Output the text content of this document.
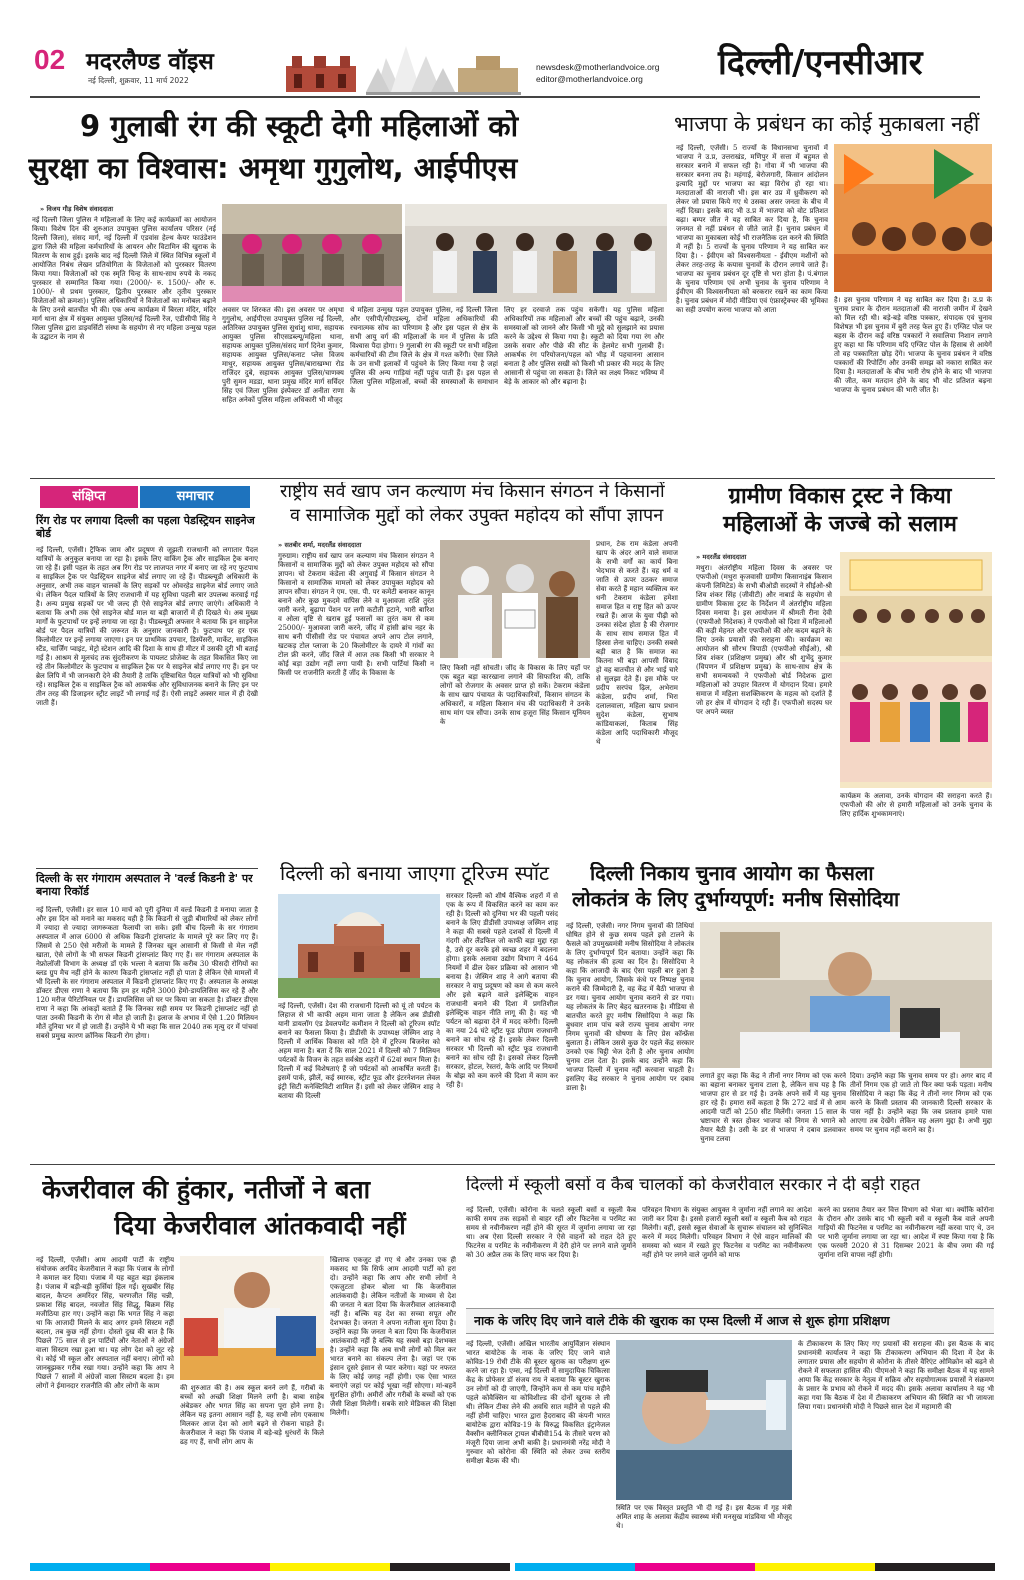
02 मदरलैण्ड वॉइस
नई दिल्ली, शुक्रवार, 11 मार्च 2022
newsdesk@motherlandvoice.org
editor@motherlandvoice.org दिल्ली/एनसीआर
9 गुलाबी रंग की स्कूटी देगी महिलाओं को
सुरक्षा का विश्वास: अमृथा गुगुलोथ, आईपीएस
» विजय गौड़ विशेष संवाददाता
नई दिल्ली जिला पुलिस ने महिलाओं के लिए कई कार्यक्रमों का आयोजन किया। विशेष दिन की शुरुआत उपायुक्त पुलिस कार्यालय परिसर (नई दिल्ली जिला), संसद मार्ग, नई दिल्ली में एडवांस हेल्थ केयर फाउंडेशन द्वारा जिले की महिला कर्मचारियों के आयरन और विटामिन की खुराक के वितरण के साथ हुई। इसके बाद नई दिल्ली जिले में स्थित विभिन्न स्कूलों में आयोजित निबंध लेखन प्रतियोगिता के विजेताओं को पुरस्कार वितरण किया गया। विजेताओं को एक स्मृति चिन्ह के साथ-साथ रुपये के नकद पुरस्कार से सम्मानित किया गया। (2000/- रु. 1500/- और रु. 1000/- से प्रथम पुरस्कार, द्वितीय पुरस्कार और तृतीय पुरस्कार विजेताओं को क्रमशः)। पुलिस अधिकारियों ने विजेताओं का मनोबल बढ़ाने के लिए उनसे बातचीत भी की। एक अन्य कार्यक्रम में बिरला मंदिर, मंदिर मार्ग थाना क्षेत्र में संयुक्त आयुक्त पुलिस/नई दिल्ली रेंज, एडीसीपी सिंह ने जिला पुलिस द्वारा डाइवर्सिटी संस्था के सहयोग से नए महिला उन्मुख पहल के उद्घाटन के नाम से
अवसर पर शिरकत की। इस अवसर पर अमृथा गुगुलोथ, आईपीएस उपायुक्त पुलिस नई दिल्ली, अतिरिक्त उपायुक्त पुलिस सुधांशु धामा, सहायक आयुक्त पुलिस सीएसडब्ल्यू/महिला थाना, सहायक आयुक्त पुलिस/संसद मार्ग दिनेश कुमार, सहायक आयुक्त पुलिस/कनाट प्लेस विजय माथुर, सहायक आयुक्त पुलिस/बाराखम्भा रोड राजिंदर दुबे, सहायक आयुक्त पुलिस/चाणक्य पुरी सुमन मडडा, थाना प्रमुख मंदिर मार्ग सर्विदर सिंह एवं जिला पुलिस इंस्पेक्टर डॉ अनीता राणा सहित अनेकों पुलिस महिला अधिकारी भी मौजूद
थे महिला उन्मुख पहल उपायुक्त पुलिस, नई दिल्ली जिला और एसीपी/सीएडब्ल्यू, दोनों महिला अधिकारियों की रचनात्मक सोच का परिणाम है और इस पहल से क्षेत्र के सभी आयु वर्ग की महिलाओं के मन में पुलिस के प्रति विश्वास पैदा होगा। 9 गुलाबी रंग की स्कूटी पर सभी महिला कर्मचारियों की टीम जिले के क्षेत्र में गश्त करेंगी। ऐसा जिले के उन सभी इलाकों में पहुंचने के लिए किया गया है जहां पुलिस की अन्य गाड़ियां नहीं पहुंच पाती हैं। इस पहल से जिला पुलिस महिलाओं, बच्चों की समस्याओं के समाधान के
लिए हर दरवाजे तक पहुंच सकेगी। यह पुलिस महिला अधिकारियों तक महिलाओं और बच्चों की पहुंच बढ़ाने, उनकी समस्याओं को जानने और किसी भी मुद्दे को सुलझाने का प्रयास करने के उद्देश्य से किया गया है। स्कूटी को दिया गया रंग और उसके सवार और पीछे की सीट के हेलमेट सभी गुलाबी हैं। आकर्षक रंग परियोजना/पहल को भीड़ में पहचानना आसान बनाता है और पुलिस सखी को किसी भी प्रकार की मदद के लिए आसानी से पहुंचा जा सकता है। जिले का लक्ष्य निकट भविष्य में बेड़े के आकार को और बढ़ाना है।
भाजपा के प्रबंधन का कोई मुकाबला नहीं
नई दिल्ली, एजेंसी। 5 राज्यों के विधानसभा चुनावों में भाजपा ने उ.प्र, उत्तराखंड, मणिपुर में सत्ता में बहुमत से सरकार बनाने में सफल रही है। गोवा में भी भाजपा की सरकार बनना तय है। महंगाई, बेरोजगारी, किसान आंदोलन इत्यादि मुद्दों पर भाजपा का बड़ा विरोध हो रहा था। मतदाताओं की नाराजी भी। इस बार उप्र में ध्रुवीकरण को लेकर जो प्रयास किये गए थे उसका असर जनता के बीच में नहीं दिखा। इसके बाद भी उ.प्र में भाजपा को वोट प्रतिशत बढ़ा। बम्पर जीत ने यह साबित कर दिया है, कि चुनाव जनमत से नहीं प्रबंधन से जीते जाते हैं। चुनाव प्रबंधन में भाजपा का मुकाबला कोई भी राजनैतिक दल करने की स्थिति में नहीं है। 5 राज्यों के चुनाव परिणाम ने यह साबित कर दिया है। - ईवीएम को विश्वसनीयता - ईवीएम मशीनों को लेकर तरह-तरह के कयास चुनावों के दौरान लगाये जाते हैं। भाजपा का चुनाव प्रबंधन दूर दृष्टि से भरा होता है। पं.बंगाल के चुनाव परिणाम एवं अभी चुनाव के चुनाव परिणाम ने ईवीएम की विश्वसनीयता को बरकरार रखने का काम किया है। चुनाव प्रबंधन में मोदी मीडिया एवं एंफ्रास्ट्रेक्चर की भूमिका का सही उपयोग करना भाजपा को आता
है। इस चुनाव परिणाम ने यह साबित कर दिया है। उ.प्र के चुनाव प्रचार के दौरान मतदाताओं की नाराजी जमीन में देखने को मिल रही थी। बड़े-बड़े वरिष्ठ पत्रकार, संपादक एवं चुनाव विशेषज्ञ भी इस चुनाव में बुरी तरह फेल हुए हैं। एग्जिट पोल पर बहस के दौरान कई वरिष्ठ पत्रकारों ने सवालिया निशान लगाने हुए कहा था कि परिणाम यदि एग्जिट पोल के हिसाब से आयेगें तो वह पत्रकारिता छोड़ देंगे। भाजपा के चुनाव प्रबंधन ने वरिष्ठ पत्रकारों की रिपोर्टिंग और उनकी समझ को नकारा साबित कर दिया है। मतदाताओं के बीच भारी रोष होने के बाद भी भाजपा की जीत, कम मतदान होने के बाद भी वोट प्रतिशत बढ़ना भाजपा के चुनाव प्रबंधन की भारी जीत है।
संक्षिप्त	समाचार
रिंग रोड पर लगाया दिल्ली का पहला पेडस्ट्रियन साइनेज बोर्ड
नई दिल्ली, एजेंसी। ट्रैफिक जाम और प्रदूषण से जूझती राजधानी को लगातार पैदल यात्रियों के अनुकूल बनाया जा रहा है। इसके लिए वाकिंग ट्रैक और साइकिल ट्रैक बनाए जा रहे हैं। इसी पहल के तहत अब रिंग रोड पर लाजपत नगर में बनाए जा रहे नए फुटपाथ व साइकिल ट्रैक पर पेडस्ट्रियन साइनेज बोर्ड लगाए जा रहे हैं। पीडब्ल्यूडी अधिकारी के अनुसार, अभी तक वाहन चालकों के लिए सड़कों पर ओवरहेड साइनेज बोर्ड लगाए जाते थे। लेकिन पैदल यात्रियों के लिए राजधानी में यह सुविधा पहली बार उपलब्ध करवाई गई है। अन्य प्रमुख सड़कों पर भी जल्द ही ऐसे साइनेज बोर्ड लगाए जाएंगे। अधिकारी ने बताया कि अभी तक ऐसे साइनेज बोर्ड माल या बड़ी बाजारों में ही दिखते थे। अब मुख्य मार्गों के फुटपाथों पर इन्हें लगाया जा रहा है। पीडब्ल्यूडी अफसर ने बताया कि इन साइनेज बोर्ड पर पैदल यात्रियों की जरूरत के अनुसार जानकारी है। फुटपाथ पर हर एक किलोमीटर पर इन्हें लगाया जाएगा। इन पर प्राथमिक उपचार, डिस्पेंसरी, मार्केट, साइकिल स्टैंड, चार्जिंग प्वाइंट, मेट्रो स्टेशन आदि की दिशा के साथ ही मीटर में उसकी दूरी भी बताई गई है। आश्रम से मूलचंद तक सुंदरीकरण के पायलट प्रोजेक्ट के तहत विकसित किए जा रहे तीन किलोमीटर के फुटपाथ व साइकिल ट्रैक पर ये साइनेज बोर्ड लगाए गए हैं। इन पर ब्रेल लिपि में भी जानकारी देने की तैयारी है ताकि दृष्टिबाधित पैदल यात्रियों को भी सुविधा रहे। साइकिल ट्रैक व साइकिल ट्रैक को आकर्षक और सुविधाजनक बनाने के लिए इन पर तीन तरह की डिजाइनर स्ट्रीट लाइटें भी लगाई गई हैं। ऐसी लाइटें अक्सर माल में ही देखी जाती हैं।
दिल्ली के सर गंगाराम अस्पताल ने 'वर्ल्ड किडनी डे' पर बनाया रिकॉर्ड
नई दिल्ली, एजेंसी। हर साल 10 मार्च को पूरी दुनिया में वर्ल्ड किडनी डे मनाया जाता है और इस दिन को मनाने का मकसद यही है कि किडनी से जुड़ी बीमारियों को लेकर लोगों में ज्यादा से ज्यादा जागरूकता फैलायी जा सके। इसी बीच दिल्ली के सर गंगाराम अस्पताल में आज 6000 से अधिक किडनी ट्रांसप्लांट के मामले पूरे कर लिए गए हैं। जिसमें से 250 ऐसे मरीजों के मामले हैं जिनका खून आसानी से किसी से मेल नहीं खाता, ऐसे लोगों के भी सफल किडनी ट्रांसप्लांट किए गए हैं। सर गंगाराम अस्पताल के नेफ्रोलॉजी विभाग के अध्यक्ष डॉ एके भल्ला ने बताया कि करीब 30 फीसदी रोगियों का ब्लड ग्रुप मैच नहीं होने के कारण किडनी ट्रांसप्लांट नहीं हो पाता है लेकिन ऐसे मामलों में भी दिल्ली के सर गंगाराम अस्पताल में किडनी ट्रांसप्लांट किए गए हैं। अस्पताल के अध्यक्ष डॉक्टर डीएस राणा ने बताया कि हम हर महीने 3000 हेमो-डायलिसिस कर रहे हैं और 120 मरीज पेरिटोनियल पर हैं। डायलिसिस जो घर पर किया जा सकता है। डॉक्टर डीएस राणा ने कहा कि आंकड़ों बताते हैं कि जिनका सही समय पर किडनी ट्रांसप्लांट नहीं हो पाता उनकी किडनी के रोग से मौत हो जाती है। इलाज के अभाव में ऐसे 1.20 मिलियन मौतें दुनिया भर में हो जाती हैं। उन्होंने ये भी कहा कि साल 2040 तक मृत्यु दर में पांचवां सबसे प्रमुख कारण क्रॉनिक किडनी रोग होगा।
राष्ट्रीय सर्व खाप जन कल्याण मंच किसान संगठन ने किसानों
व सामाजिक मुद्दों को लेकर उपुक्त महोदय को सौंपा ज्ञापन
» सतबीर शर्मा, मदरलैंड संवाददाता
गुरुग्राम। राष्ट्रीय सर्व खाप जन कल्याण मंच किसान संगठन ने किसानों व सामाजिक मुद्दों को लेकर उपुक्त महोदय को सौंपा ज्ञापन। चो टेकराम कंडेला की अगुवाई में किसान संगठन ने किसानो व सामाजिक मामलो को लेकर उपायुक्त महोदय को ज्ञापन सौंपा। संगठन ने एम. एस. पी. पर कमेटी बनाकर कानून बनाने और कुछ मुकदमे वापिस लेने व मुआवजा राशि तुरंत जारी करने, बुढ़ापा पेंशन पर लगी कटौती हटाने, भारी बारिश व ओला वृष्टि से खराब हुई फसलों का तुरंत कम से कम 25000/- मुआवजा जारी करने, जींद में हांसी ब्रांच नहर के साथ बनी पीसीसी रोड पर पंचायत अपने आप टोल लगाने, खटकड़ टोल प्लाजा के 20 किलोमीटर के दायरे में गांवों का टोल फ्री करने, जींद जिले में आज तक किसी भी सरकार ने कोई बड़ा उद्योग नहीं लगा पायी है। सभी पार्टियां किसी न किसी पर राजनीति करती हैं जींद के विकास के
लिए किसी नहीं सोचती। जींद के विकास के लिए यहाँ पर एक बहुत बड़ा कारखाना लगाने की सिफारिश की, ताकि लोगों को रोजगार के अवसर प्राप्त हो सकें। टेकराम कंडेला के साथ खाप पंचायत के पदाधिकारियों, किसान संगठन के अधिकारों, व महिला किसान मंच की पदाधिकारी ने उनके साथ मांग पत्र सौंपा। उनके साथ हजूरा सिंह किसान यूनियन के
प्रधान, टेक राम कंडेला अपनी खाप के अंदर आने वाले समाज के सभी वर्गों का कार्य बिना भेदभाव से करते हैं। वह धर्म व जाति से ऊपर उठकर समाज सेवा करते हैं महान व्यक्तित्व कर धनी टेकराम कंडेला हमेशा समाज हित व राष्ट्र हित को ऊपर रखते हैं। आज के युवा पीढ़ी को उनका संदेश होता है की रोजगार के साथ साथ समाज हित में हिस्सा लेना चाहिए। उनकी सबसे बड़ी बात है कि समाज का कितना भी बड़ा आपसी विवाद हो वह बातचीत से और भाई चारे से सुलझा देते हैं। इस मौके पर प्रदीप सरपंच ढ़िल, अभेराम कंडेला, प्रदीप शर्मा, भिरा दलालवाला, महिला खाप प्रधान सुदेश कंडेला, सुभाष कांडियाकलां, किताब सिंह कंडेला आदि पदाधिकारी मौजूद थे
ग्रामीण विकास ट्रस्ट ने किया
महिलाओं के जज्बे को सलाम
» मदरलैंड संवाददाता
मथुरा। अंतर्राष्ट्रीय महिला दिवस के अवसर पर एफपीओ (मथुरा कृजवासी ग्रामीण किसानाइंब किसान कंपनी लिमिटेड) के सभी बीओडी सदस्यों ने सीईओ-श्री शिव शंकर सिंह (जीवीटी) और नाबार्ड के सहयोग से ग्रामीण विकास ट्रस्ट के निर्देशन में अंतर्राष्ट्रीय महिला दिवस मनाया है। इस आयोजन में श्रीमती रीना देवी (एफपीओ निदेशक) ने एफपीओ को दिशा में महिलाओं की कड़ी मेहनत और एफपीओ की ओर कदम बढ़ाने के लिए उनके प्रयासों की सराहना की। कार्यक्रम का आयोजन श्री सौरभ त्रिपाठी (एफपीओ सीईओ), श्री शिव शंकर (प्रशिक्षण प्रमुख) और श्री शुभेंदु कुमार (विपणन में प्रशिक्षण प्रमुख) के साथ-साथ क्षेत्र के सभी समन्वयकों ने एफपीओ बोर्ड निदेशक द्वारा महिलाओं को उपहार वितरण में योगदान दिया। हमारे समाज में महिला सशक्तिकरण के महत्व को दर्शाते हैं जो हर क्षेत्र में योगदान दे रही हैं। एफपीओ सदस्य घर पर अपने व्यस्त
कार्यक्रम के अलावा, उनके योगदान की सराहना करते हैं। एफपीओ की ओर से हमारी महिलाओं को उनके चुनाव के लिए हार्दिक शुभकामनाएं।
दिल्ली को बनाया जाएगा टूरिज्म स्पॉट
नई दिल्ली, एजेंसी। देश की राजधानी दिल्ली को यूं तो पर्यटन के लिहाज से भी काफी अहम माना जाता है लेकिन अब डीडीसी यानी डायलॉग एंड डेवलपमेंट कमीशन ने दिल्ली को टूरिज्म स्पॉट बनाने का फैसला किया है। डीडीसी के उपाध्यक्ष जेस्मिन शाह ने दिल्ली में आर्थिक विकास को गति देने में टूरिज्म बिजनेस को अहम माना है। बता दें कि साल 2021 में दिल्ली को 7 मिलियन पर्यटकों के विजन के तहत सर्वश्रेष्ठ शहरों में 62वां स्थान मिला है। दिल्ली में कई विशेषताएं हैं जो पर्यटकों को आकर्षित करती हैं। इसमें पार्क, झीलें, कई स्मारक, स्ट्रीट फूड और इंटरनेशनल लेवल इंट्री सिटी कनेक्टिविटी शामिल हैं। इसी को लेकर जेस्मिन शाह ने बताया की दिल्ली
सरकार दिल्ली को शीर्ष वैश्विक शहरों में से एक के रूप में विकसित करने का काम कर रही है। दिल्ली को दुनिया भर की पहली पसंद बनाने के लिए डीडीसी उपाध्यक्ष जस्मिन शाह ने कहा की सबसे पहले दशकों से दिल्ली में गंदगी और लैंडफिल जो काफी बड़ा मुद्दा रहा है, उसे दूर करके इसे स्वच्छ शहर में बदलना होगा। इसके अलावा उद्योग विभाग ने 464 नियमों में ढील देकर प्रक्रिया को आसान भी बनाया है। जेस्मिन शाह ने आगे बताया की सरकार ने वायु प्रदूषण को कम से कम करने और इसे बढ़ाने वाले इलेक्ट्रिक वाहन राजधानी बनाने की दिशा में प्रगतिशील इलेक्ट्रिक वाहन नीति लागू की है। यह भी पर्यटन को बढ़ावा देने में मदद करेगी। दिल्ली का नया 24 घंटे स्ट्रीट फूड प्रोग्राम राजधानी बनाने का सोच रहे हैं। इसके लेकर दिल्ली सरकार भी दिल्ली को स्ट्रीट फूड राजधानी बनाने का सोच रही है। इसको लेकर दिल्ली सरकार, होटल, रेस्तरां, कैफे आदि पर नियमों के बोझ को कम करने की दिशा में काम कर रही है।
दिल्ली निकाय चुनाव आयोग का फैसला
लोकतंत्र के लिए दुर्भाग्यपूर्ण: मनीष सिसोदिया
नई दिल्ली, एजेंसी। नगर निगम चुनावों की तिथियां घोषित होने से कुछ समय पहले इसे टालने के फैसले को उपमुख्यमंत्री मनीष सिसोदिया ने लोकतंत्र के लिए दुर्भाग्यपूर्ण दिन बताया। उन्होंने कहा कि यह लोकतंत्र की हत्या का दिन है। सिसोदिया ने कहा कि आजादी के बाद ऐसा पहली बार हुआ है कि चुनाव आयोग, जिसके कंधे पर निष्पक्ष चुनाव कराने की जिम्मेदारी है, वह केंद्र में बैठी भाजपा से डर गया। चुनाव आयोग चुनाव कराने से डर गया। यह लोकतंत्र के लिए बेहद खतरनाक है। मीडिया से बातचीत करते हुए मनीष सिसोदिया ने कहा कि बुधवार शाम पांच बजे राज्य चुनाव आयोग नगर निगम चुनावों की घोषणा के लिए प्रेस कॉन्फ्रेंस बुलाता है। लेकिन उससे कुछ देर पहले केंद्र सरकार उनको एक चिट्ठी भेज देती है और चुनाव आयोग चुनाव टाल देता है। इसके बाद उन्होंने कहा कि भाजपा दिल्ली में चुनाव नहीं करवाना चाहती है। इसलिए केंद्र सरकार ने चुनाव आयोग पर दबाव डाला है।
लगाते हुए कहा कि केंद्र ने तीनों नगर निगम को एक करने का बहाना बनाकर चुनाव टाला है, लेकिन सच यह है कि भाजपा हार से डर गई है। उनके अपने सर्वे में यह चुनाव हार रहे हैं। हमारा सर्वे कहता है कि 272 वार्ड में से आम आदमी पार्टी को 250 सीट मिलेंगी। जनता 15 साल के भ्रष्टाचार से त्रस्त होकर भाजपा को निगम से भगाने को तैयार बैठी है। उसी के डर से भाजपा ने दबाव डलवाकर चुनाव टलवा
दिया। उन्होंने कहा कि चुनाव समय पर हो। अगर बाद में तीनों निगम एक हो जाते तो फिर क्या फर्क पड़ता। मनीष सिसोदिया ने कहा कि केंद्र ने तीनों नगर निगम को एक करने के किसी प्रस्ताव की जानकारी दिल्ली सरकार के पास नहीं है। उन्होंने कहा कि जब प्रस्ताव हमारे पास आएगा तब देखेंगे। लेकिन यह अलग मुद्दा है। अभी मुद्दा समय पर चुनाव नहीं कराने का है।
केजरीवाल की हुंकार, नतीजों ने बता
दिया केजरीवाल आंतकवादी नहीं
नई दिल्ली, एजेंसी। आम आदमी पार्टी के राष्ट्रीय संयोजक अरविंद केजरीवाल ने कहा कि पंजाब के लोगों ने कमाल कर दिया। पंजाब में यह बहुत बड़ा इंकलाब है। पंजाब में बड़ी-बड़ी कुर्सियां हिल गईं। सुखबीर सिंह बादल, कैप्टन अमरिंदर सिंह, चरणजीत सिंह चन्नी, प्रकाश सिंह बादल, नवजोत सिंह सिद्धू, बिक्रम सिंह मजीठिया हार गए। उन्होंने कहा कि भगत सिंह ने कहा था कि आजादी मिलने के बाद अगर हमने सिस्टम नहीं बदला, तब कुछ नहीं होगा। दोस्तो दुख की बात है कि पिछले 75 साल से इन पार्टियों और नेताओं ने अंग्रेजों वाला सिस्टम रखा हुआ था। यह लोग देश को लूट रहे थे। कोई भी स्कूल और अस्पताल नहीं बनाए। लोगों को जानबूझकर गरीब रखा गया। उन्होंने कहा कि आप ने पिछले 7 सालों में अंग्रेजों वाला सिस्टम बदला है। हम लोगों ने ईमानदार राजनीति की और लोगों के काम	की शुरुआत की है। अब स्कूल बनने लगे हैं, गरीबों के बच्चों को अच्छी शिक्षा मिलने लगी है। बाबा साहेब अंबेडकर और भगत सिंह का सपना पूरा होने लगा है। लेकिन यह इतना आसान नहीं है, यह सभी लोग एकसाथ मिलकर आज देश को आगे बढ़ने से रोकना चाहते हैं। केजरीवाल ने कहा कि पंजाब में बड़े-बड़े धुरंधरों के किले ढह गए हैं, सभी लोग आप के
खिलाफ एकजुट हो गए थे और उनका एक ही मकसद था कि सिर्फ आम आदमी पार्टी को हरा दो। उन्होंने कहा कि आप और सभी लोगों ने एकजुटता होकर बोला था कि केजरीवाल आतंकवादी है। लेकिन नतीजों के माध्यम से देश की जनता ने बता दिया कि केजरीवाल आतंकवादी नहीं है। बल्कि यह देश का सच्चा सपूत और देशभक्त है। जनता ने अपना नतीजा सुना दिया है। उन्होंने कहा कि जनता ने बता दिया कि केजरीवाल आतंकवादी नहीं है बल्कि यह सबसे बड़ा देशभक्त है। उन्होंने कहा कि अब सभी लोगों को मिल कर भारत बनाने का संकल्प लेना है। जहां पर एक इंसान दूसरे इंसान से प्यार करेगा। यहां पर नफरत के लिए कोई जगह नहीं होगी। एक ऐसा भारत बनाएंगे जहां पर कोई भूखा नहीं सोएगा। मां-बहनें सुरक्षित होंगी। अमीरों और गरीबों के बच्चों को एक जैसी शिक्षा मिलेगी। सबके सारे मेडिकल की शिक्षा मिलेगी।
दिल्ली में स्कूली बसों व कैब चालकों को केजरीवाल सरकार ने दी बड़ी राहत
नई दिल्ली, एजेंसी। कोरोना के चलते स्कूली बसों व स्कूली कैब काफी समय तक सड़कों से बाहर रहीं और फिटनेस व परमिट का समय से नवीनीकरण नहीं होने की सूरत में जुर्माना लगाया जा रहा था। अब ऐसा दिल्ली सरकार ने ऐसे वाहनों को राहत देते हुए फिटनेस व परमिट के नवीनीकरण में देरी होने पर लगने वाले जुर्माने को 30 अप्रैल तक के लिए माफ कर दिया है।
परिवहन विभाग के संयुक्त आयुक्त ने जुर्माना नहीं लगाने का आदेश जारी कर दिया है। इससे हजारों स्कूली बसों व स्कूली कैब को राहत मिलेगी। वहीं, इससे स्कूल सेवाओं के सुचारू संचालन को सुनिश्चित करने में मदद मिलेगी। परिवहन विभाग ने ऐसे वाहन मालिकों की समस्या को ध्यान में रखते हुए फिटनेस व परमिट का नवीनीकरण नहीं होने पर लगने वाले जुर्माने को माफ
करने का प्रस्ताव तैयार कर वित्त विभाग को भेजा था। क्योंकि कोरोना के दौरान और उसके बाद भी स्कूली बसें व स्कूली कैब वाले अपनी गाड़ियों की फिटनेस व परमिट का नवीनीकरण नहीं करवा पाए थे, उन पर भारी जुर्माना लगाया जा रहा था। आदेश में स्पष्ट किया गया है कि एक फरवरी 2020 से 31 दिसम्बर 2021 के बीच जमा की गई जुर्माना राशि वापस नहीं होगी।
नाक के जरिए दिए जाने वाले टीके की खुराक का एम्स दिल्ली में आज से शुरू होगा प्रशिक्षण
नई दिल्ली, एजेंसी। अखिल भारतीय आयुर्विज्ञान संस्थान भारत बायोटेक के नाक के जरिए दिए जाने वाले कोविड-19 रोधी टीके की बूस्टर खुराक का परीक्षण शुरू करने जा रहा है। एम्स, नई दिल्ली में सामुदायिक चिकित्सा केंद्र के प्रोफेसर डॉ संजय राय ने बताया कि बूस्टर खुराक उन लोगों को दी जाएगी, जिन्होंने कम से कम पांच महीने पहले कोवैक्सिन या कोविशील्ड की दोनों खुराक ले ली थी। लेकिन टीका लेने की अवधि सात महीने से पहले की नहीं होनी चाहिए। भारत द्वारा हैदराबाद की कंपनी भारत बायोटेक द्वारा कोविड-19 के विरुद्ध विकसित इंट्रानेजल वैक्सीन क्लीनिकल ट्रायल बीबीवी154 के तीसरे चरण को मंजूरी दिया जाना अभी बाकी है। प्रधानमंत्री नरेंद्र मोदी ने गुरुवार को कोरोना की स्थिति को लेकर उच्च स्तरीय समीक्षा बैठक की थी।
स्थिति पर एक विस्तृत प्रस्तुति भी दी गई है। इस बैठक में गृह मंत्री अमित शाह के अलावा केंद्रीय स्वास्थ्य मंत्री मनसुख मांडविया भी मौजूद थे।
के टीकाकरण के लिए किए गए प्रयासों की सराहना की। इस बैठक के बाद प्रधानमंत्री कार्यालय ने कहा कि टीकाकरण अभियान की दिशा में देश के लगातार प्रयास और सहयोग से कोरोना के तीसरे वैरिएंट ओमिक्रोन को बढ़ने से रोकने में सफलता हासिल की। पीएमओ ने कहा कि समीक्षा बैठक में यह सामने आया कि केंद्र सरकार के नेतृत्व में सक्रिय और सहयोगात्मक प्रयासों ने संक्रमण के प्रसार के प्रभाव को रोकने में मदद की। इसके अलावा कार्यालय ने यह भी कहा गया कि बैठक में देश में टीकाकरण अभियान की स्थिति का भी जायजा लिया गया। प्रधानमंत्री मोदी ने पिछले साल देश में महामारी की
